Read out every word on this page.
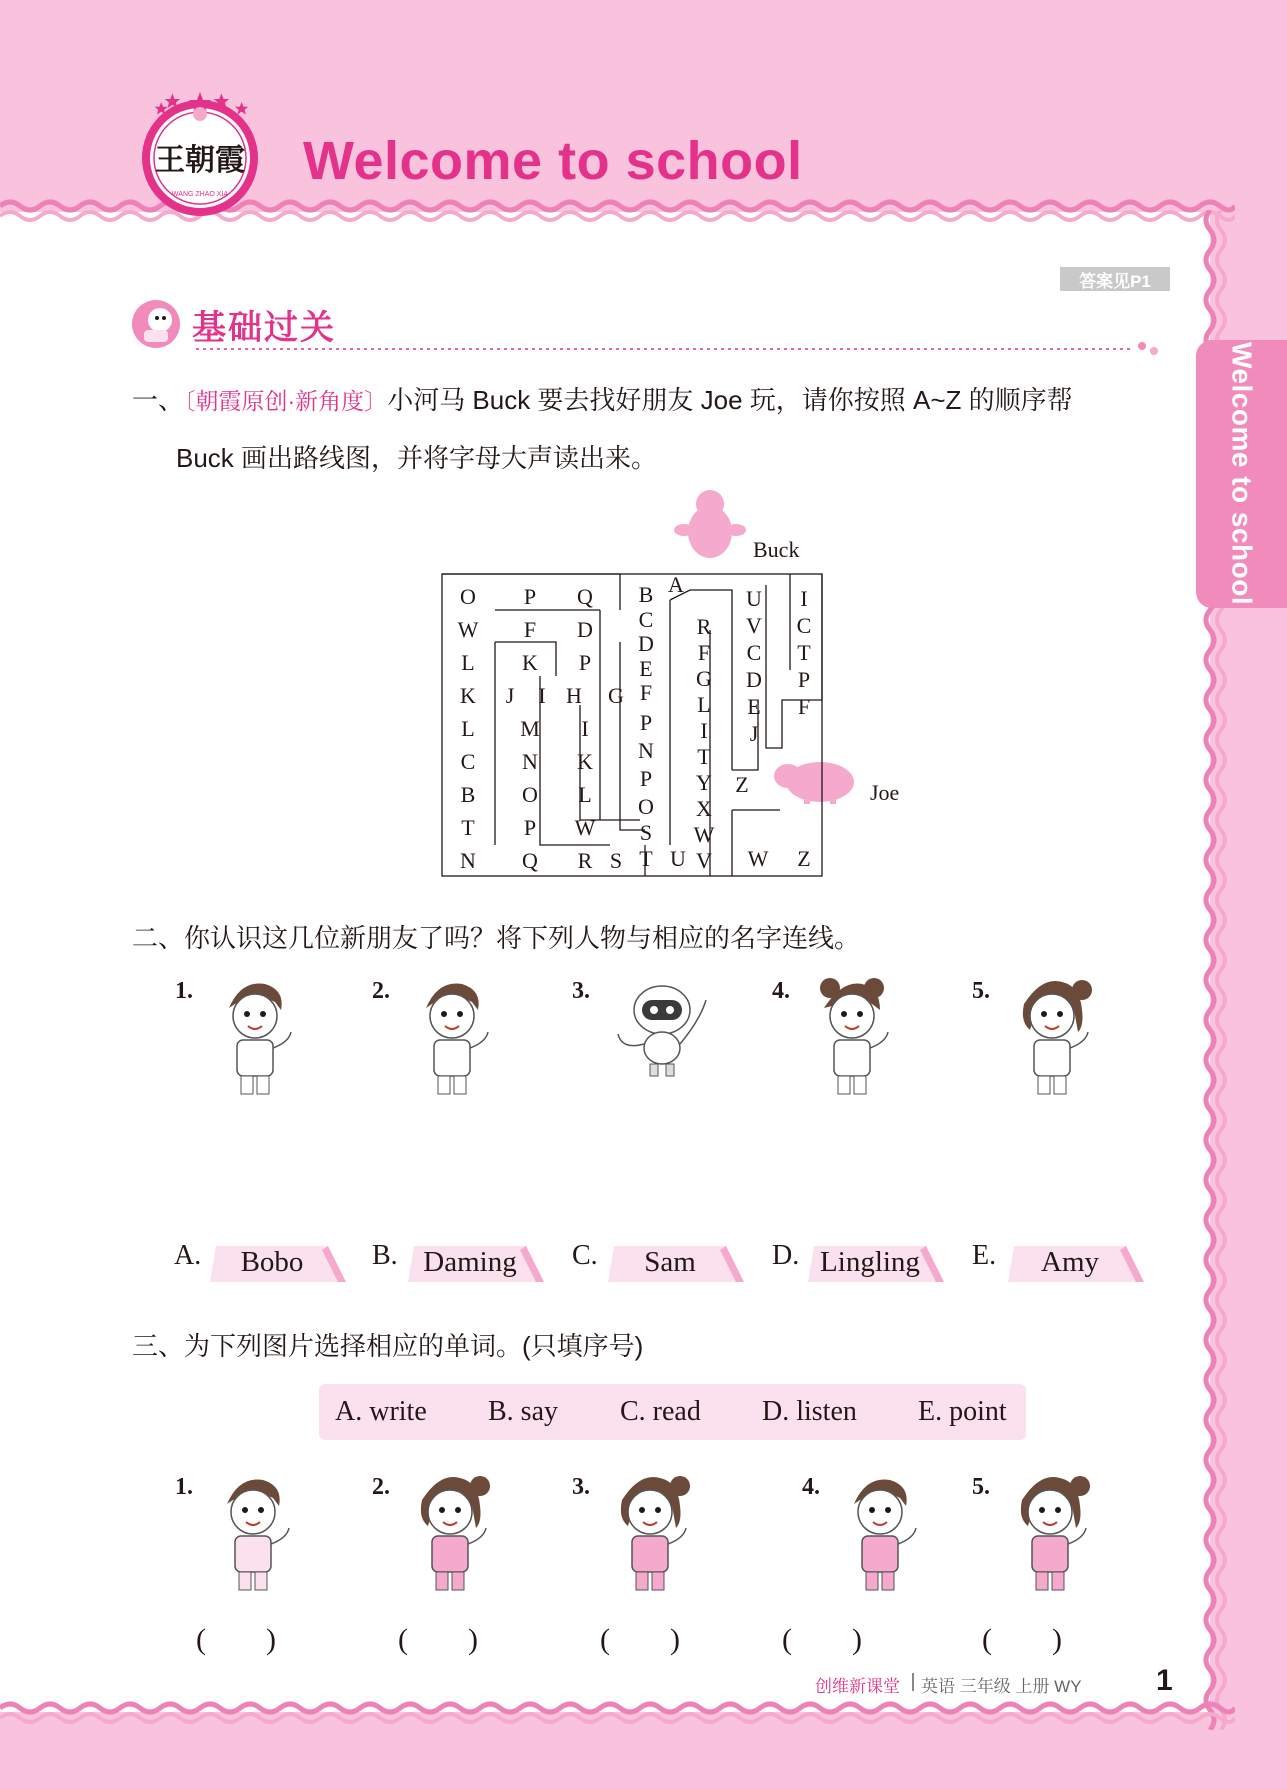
王朝霞
WANG ZHAO XIA
Welcome to school
Welcome to school
答案见P1
基础过关
一、〔朝霞原创·新角度〕小河马 Buck 要去找好朋友 Joe 玩，请你按照 A~Z 的顺序帮
Buck 画出路线图，并将字母大声读出来。
Buck
Joe
O P Q
W F D
L K P
K J I H G
L M I
C N K
B O L
T P W
N Q R S
B
C
D
E
F
P
N
P
O
S
T
A
R
F
G
L
I
T
Y
X
W
V
U
V
C
D
E
J
I
C
T
P
F
U
Z
W Z
二、你认识这几位新朋友了吗？将下列人物与相应的名字连线。
1.
A.	Bobo
2.
B. Daming
3.
C.	Sam
4.
D. Lingling
5.
E.	Amy
三、为下列图片选择相应的单词。(只填序号)
A. write B. say C. read D. listen E. point
1.
(　　)
2.
(　　)
3.
(　　)
4.
(　　)
5.
(　　)
创维新课堂 英语 三年级 上册 WY 1
